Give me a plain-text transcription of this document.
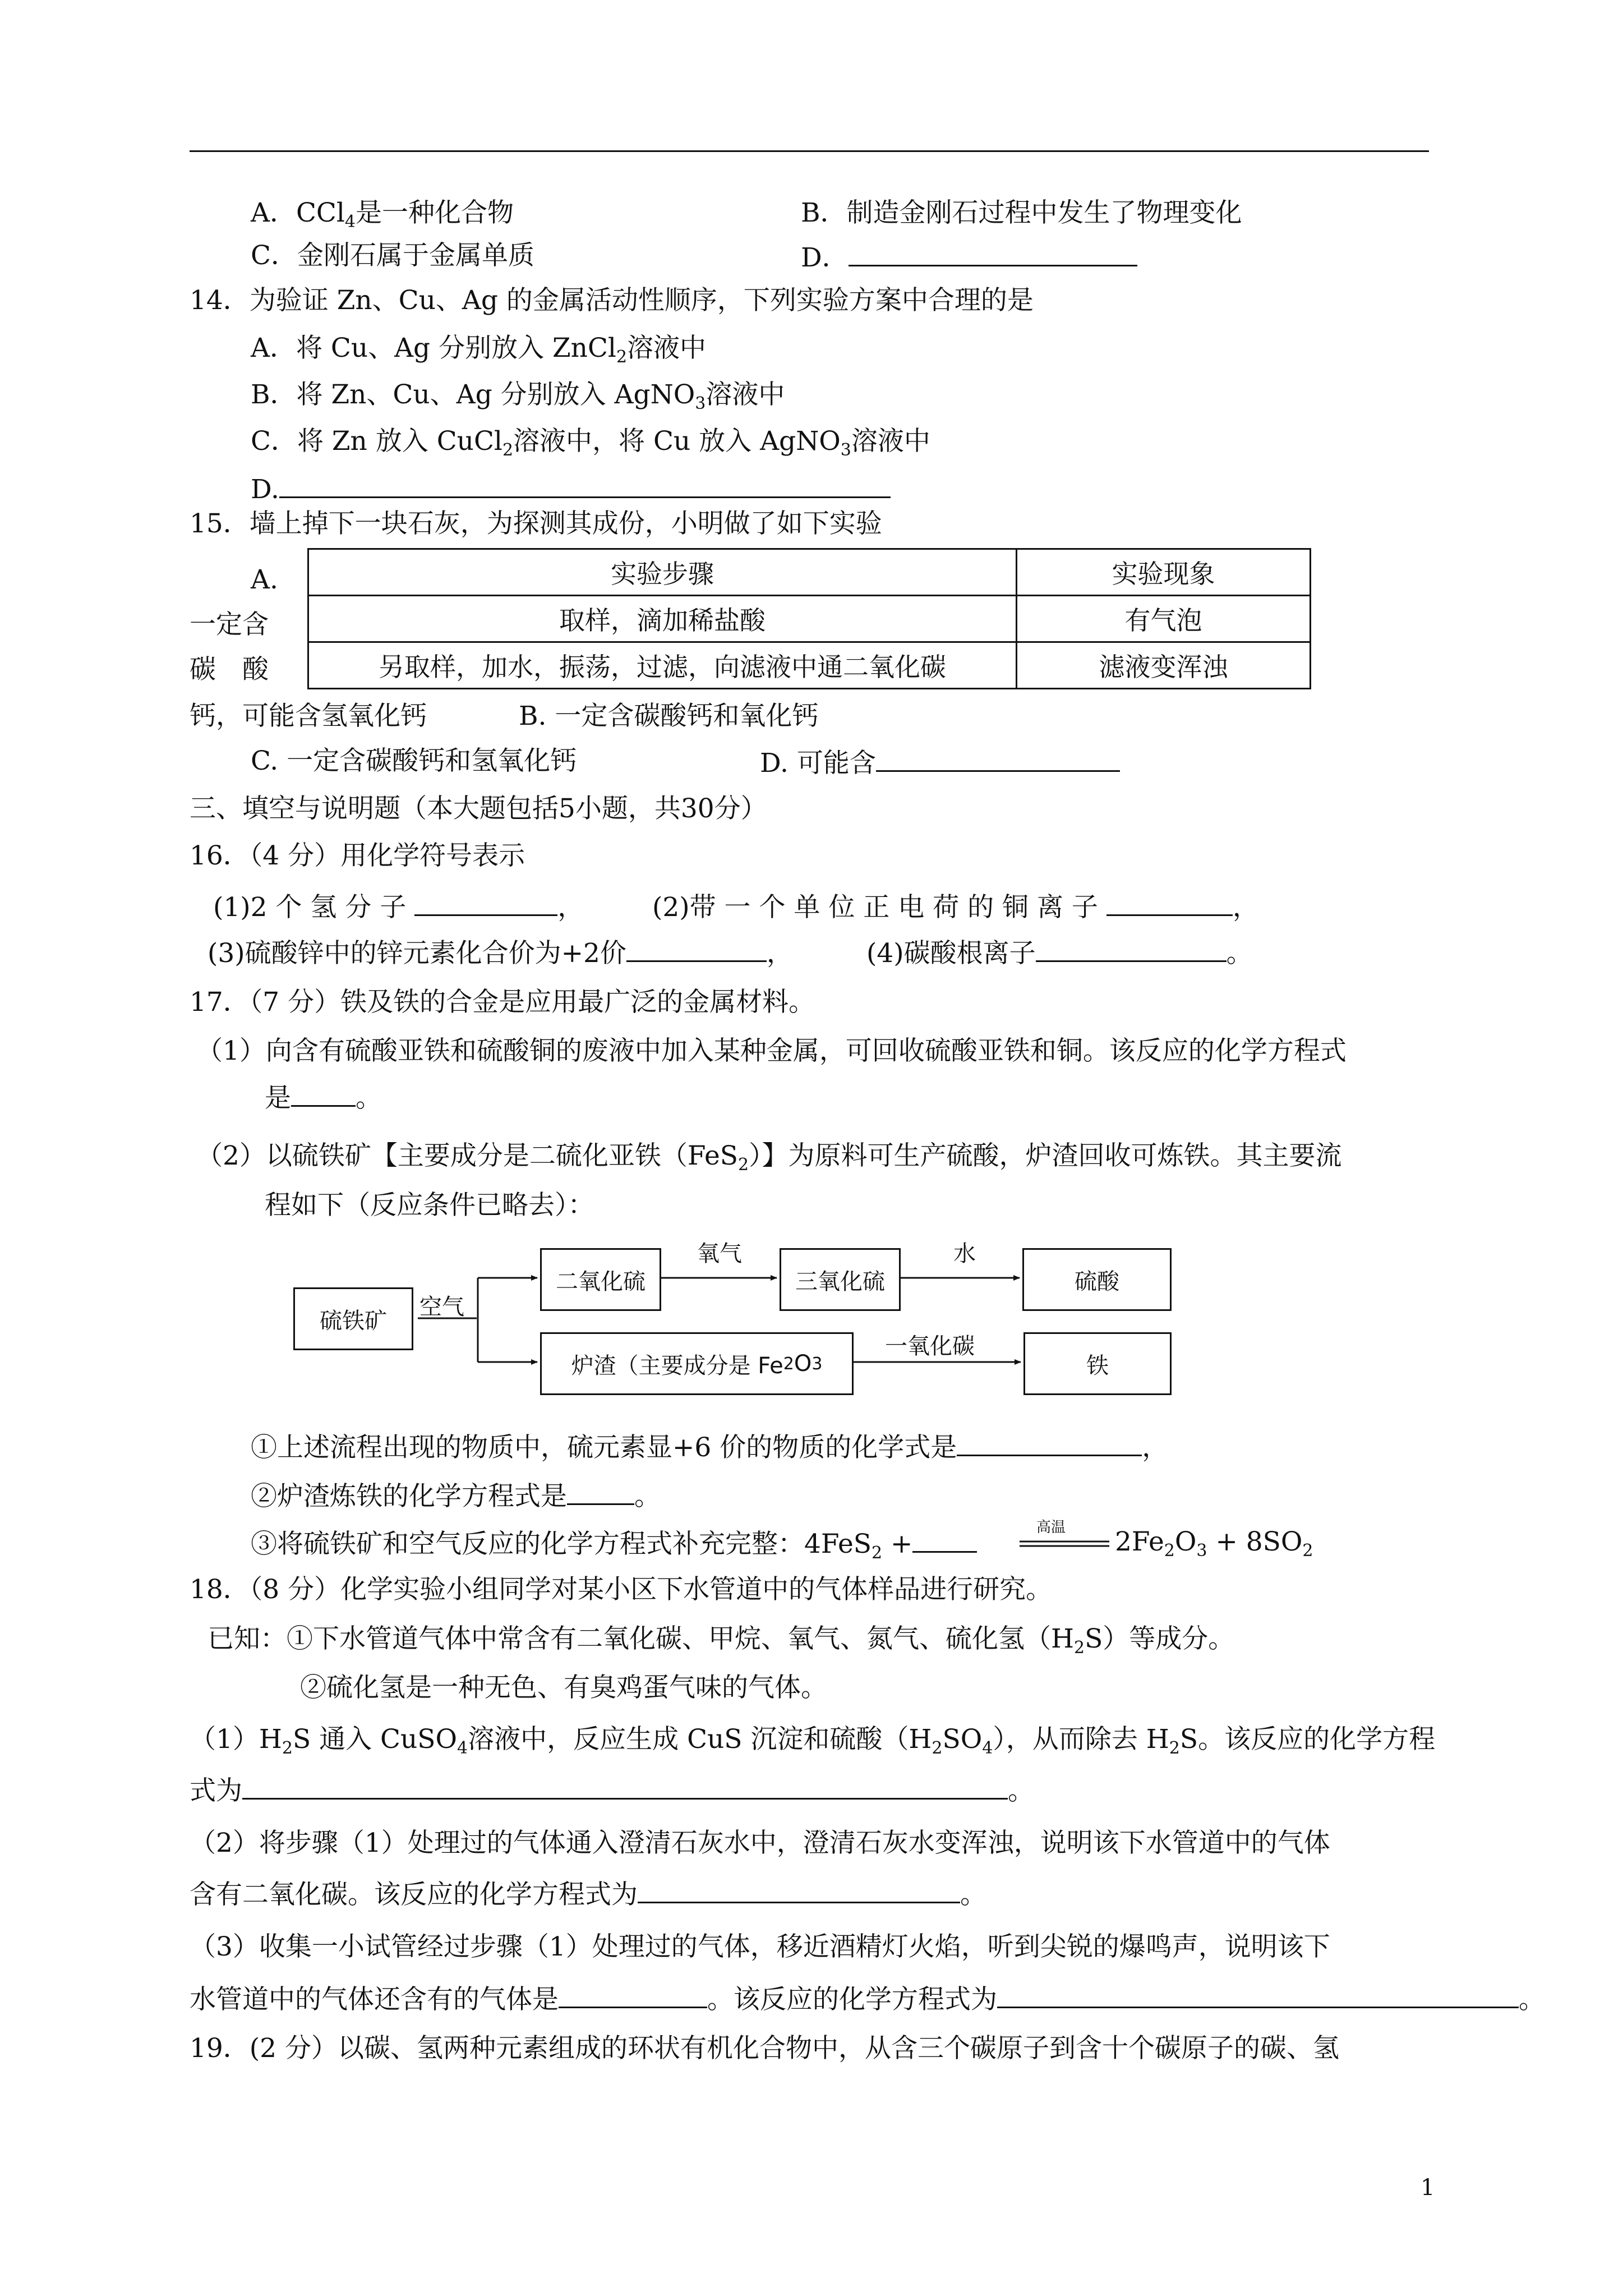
A．CCl$_4$是一种化合物	B．制造金刚石过程中发生了物理变化
C．金刚石属于金属单质	D．
14．为验证 Zn、Cu、Ag 的金属活动性顺序，下列实验方案中合理的是
A．将 Cu、Ag 分别放入 ZnCl$_2$溶液中
B．将 Zn、Cu、Ag 分别放入 AgNO$_3$溶液中
C．将 Zn 放入 CuCl$_2$溶液中，将 Cu 放入 AgNO$_3$溶液中
D.
15．墙上掉下一块石灰，为探测其成份，小明做了如下实验
A.
一定含
碳　酸
实验步骤	实验现象
取样，滴加稀盐酸	有气泡
另取样，加水，振荡，过滤，向滤液中通二氧化碳	滤液变浑浊
钙，可能含氢氧化钙	B. 一定含碳酸钙和氧化钙
C. 一定含碳酸钙和氢氧化钙	D. 可能含
三、填空与说明题（本大题包括5小题，共30分）
16．（4 分）用化学符号表示
(1)2 个 氢 分 子	，	(2)带 一 个 单 位 正 电 荷 的 铜 离 子	，
(3)硫酸锌中的锌元素化合价为+2价	，	(4)碳酸根离子	。
17．（7 分）铁及铁的合金是应用最广泛的金属材料。
（1）向含有硫酸亚铁和硫酸铜的废液中加入某种金属，可回收硫酸亚铁和铜。该反应的化学方程式
是 。
（2）以硫铁矿【主要成分是二硫化亚铁（FeS$_2$）】为原料可生产硫酸，炉渣回收可炼铁。其主要流
程如下（反应条件已略去）：
硫铁矿
二氧化硫	三氧化硫	硫酸
炉渣（主要成分是 Fe 2 O 3	铁
空气
氧气	水
一氧化碳
①上述流程出现的物质中，硫元素显+6 价的物质的化学式是	，
②炉渣炼铁的化学方程式是	。
③将硫铁矿和空气反应的化学方程式补充完整：4FeS$_2$ +
高温 $2Fe_2O_3 + 8SO_2$
18．（8 分）化学实验小组同学对某小区下水管道中的气体样品进行研究。
已知：①下水管道气体中常含有二氧化碳、甲烷、氧气、氮气、硫化氢$(H_2S)$等成分。
②硫化氢是一种无色、有臭鸡蛋气味的气体。
$(1)H_2S$ 通入 CuSO$_4$溶液中，反应生成 CuS 沉淀和硫酸$(H_2SO_4)$，从而除去 $H_2S$。该反应的化学方程
式为	。
（2）将步骤（1）处理过的气体通入澄清石灰水中，澄清石灰水变浑浊，说明该下水管道中的气体
含有二氧化碳。该反应的化学方程式为	。
（3）收集一小试管经过步骤（1）处理过的气体，移近酒精灯火焰，听到尖锐的爆鸣声，说明该下
水管道中的气体还含有的气体是	。该反应的化学方程式为	。
19．(2 分）以碳、氢两种元素组成的环状有机化合物中，从含三个碳原子到含十个碳原子的碳、氢
1
